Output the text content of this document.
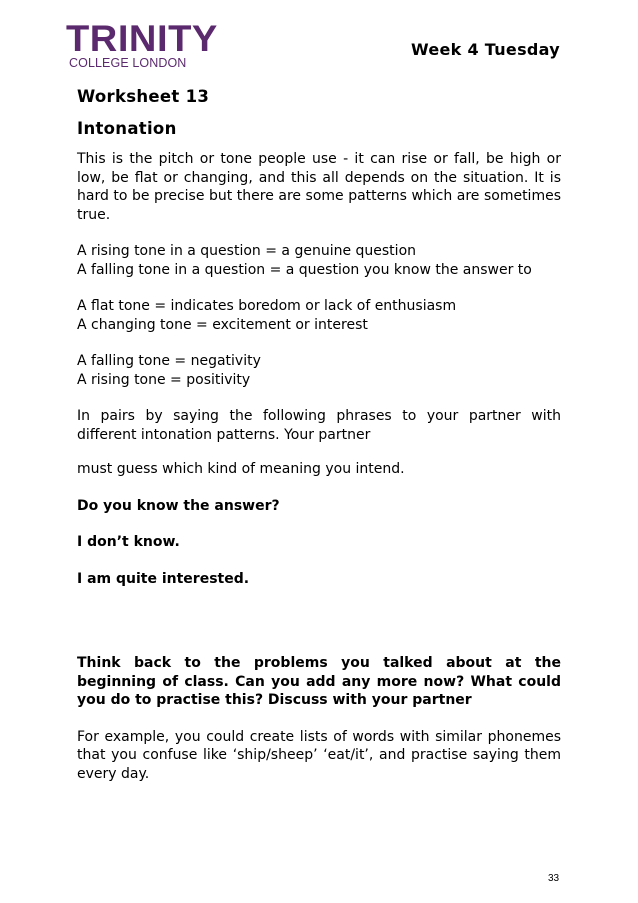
TRINITY
COLLEGE LONDON
Week 4 Tuesday
Worksheet 13
Intonation

This is the pitch or tone people use - it can rise or fall, be high or low, be flat or changing, and this all depends on the situation. It is hard to be precise but there are some patterns which are sometimes true.

A rising tone in a question = a genuine question

A falling tone in a question = a question you know the answer to

A flat tone = indicates boredom or lack of enthusiasm

A changing tone = excitement or interest

A falling tone = negativity

A rising tone = positivity

In pairs by saying the following phrases to your partner with different intonation patterns. Your partner

must guess which kind of meaning you intend.

Do you know the answer?

I don’t know.

I am quite interested.

Think back to the problems you talked about at the beginning of class. Can you add any more now? What could you do to practise this? Discuss with your partner

For example, you could create lists of words with similar phonemes that you confuse like ‘ship/sheep’ ‘eat/it’, and practise saying them every day.

33
